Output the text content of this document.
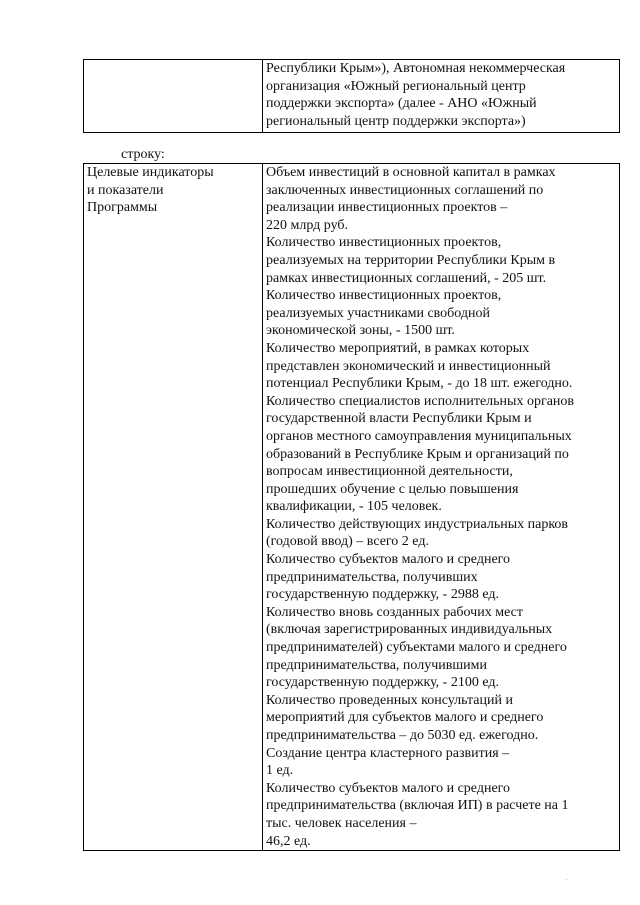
Республики Крым»), Автономная некоммерческая
организация «Южный региональный центр
поддержки экспорта» (далее - АНО «Южный
региональный центр поддержки экспорта»)
строку:
Целевые индикаторы
и показатели
Программы

Объем инвестиций в основной капитал в рамках
заключенных инвестиционных соглашений по
реализации инвестиционных проектов –
220 млрд руб.
Количество инвестиционных проектов,
реализуемых на территории Республики Крым в
рамках инвестиционных соглашений, - 205 шт.
Количество инвестиционных проектов,
реализуемых участниками свободной
экономической зоны, - 1500 шт.
Количество мероприятий, в рамках которых
представлен экономический и инвестиционный
потенциал Республики Крым, - до 18 шт. ежегодно.
Количество специалистов исполнительных органов
государственной власти Республики Крым и
органов местного самоуправления муниципальных
образований в Республике Крым и организаций по
вопросам инвестиционной деятельности,
прошедших обучение с целью повышения
квалификации, - 105 человек.
Количество действующих индустриальных парков
(годовой ввод) – всего 2 ед.
Количество субъектов малого и среднего
предпринимательства, получивших
государственную поддержку, - 2988 ед.
Количество вновь созданных рабочих мест
(включая зарегистрированных индивидуальных
предпринимателей) субъектами малого и среднего
предпринимательства, получившими
государственную поддержку, - 2100 ед.
Количество проведенных консультаций и
мероприятий для субъектов малого и среднего
предпринимательства – до 5030 ед. ежегодно.
Создание центра кластерного развития –
1 ед.
Количество субъектов малого и среднего
предпринимательства (включая ИП) в расчете на 1
тыс. человек населения –
46,2 ед.
.
